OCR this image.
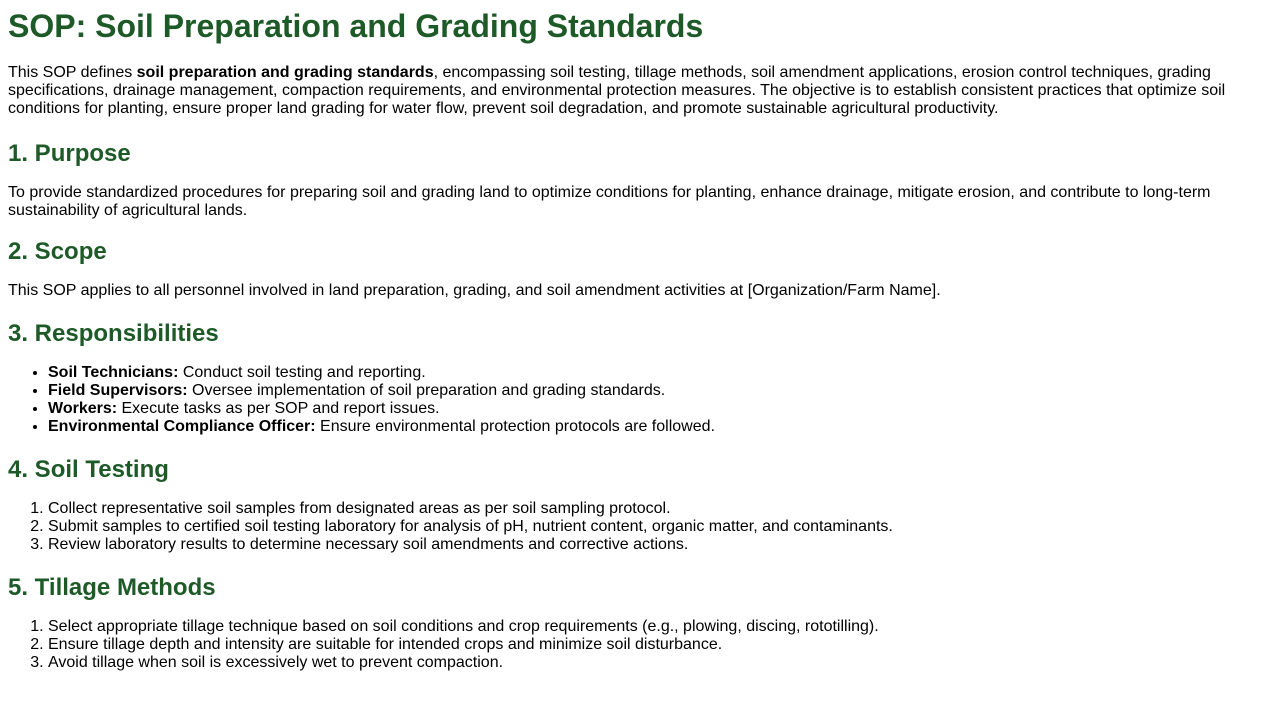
SOP: Soil Preparation and Grading Standards

This SOP defines soil preparation and grading standards, encompassing soil testing, tillage methods, soil amendment applications, erosion control techniques, grading specifications, drainage management, compaction requirements, and environmental protection measures. The objective is to establish consistent practices that optimize soil conditions for planting, ensure proper land grading for water flow, prevent soil degradation, and promote sustainable agricultural productivity.

1. Purpose

To provide standardized procedures for preparing soil and grading land to optimize conditions for planting, enhance drainage, mitigate erosion, and contribute to long-term sustainability of agricultural lands.

2. Scope

This SOP applies to all personnel involved in land preparation, grading, and soil amendment activities at [Organization/Farm Name].

3. Responsibilities
• Soil Technicians: Conduct soil testing and reporting.
• Field Supervisors: Oversee implementation of soil preparation and grading standards.
• Workers: Execute tasks as per SOP and report issues.
• Environmental Compliance Officer: Ensure environmental protection protocols are followed.
4. Soil Testing
1. Collect representative soil samples from designated areas as per soil sampling protocol.
2. Submit samples to certified soil testing laboratory for analysis of pH, nutrient content, organic matter, and contaminants.
3. Review laboratory results to determine necessary soil amendments and corrective actions.
5. Tillage Methods
1. Select appropriate tillage technique based on soil conditions and crop requirements (e.g., plowing, discing, rototilling).
2. Ensure tillage depth and intensity are suitable for intended crops and minimize soil disturbance.
3. Avoid tillage when soil is excessively wet to prevent compaction.
